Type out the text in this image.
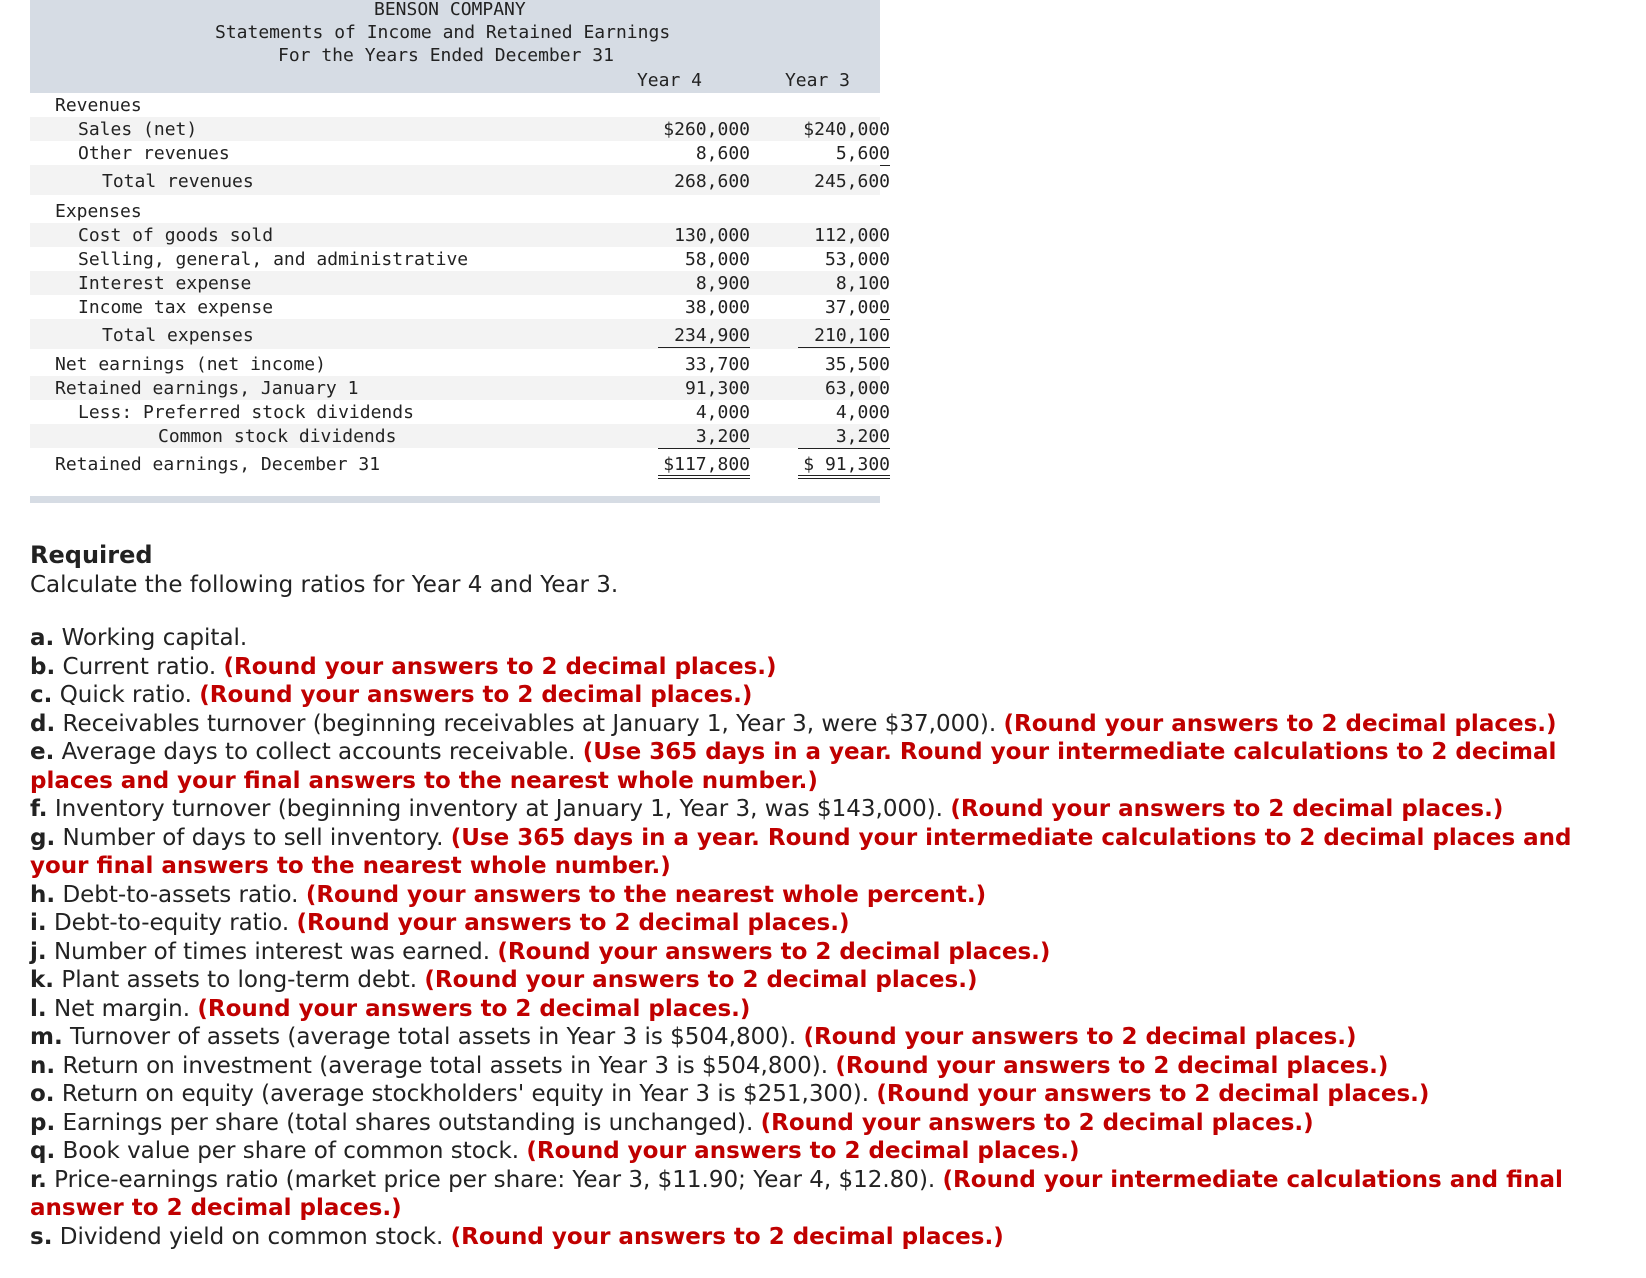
BENSON COMPANY
Statements of Income and Retained Earnings
For the Years Ended December 31
Year 4	Year 3
Revenues
Sales (net)	$260,000	$240,000
Other revenues	8,600	5,600
Total revenues	268,600	245,600
Expenses
Cost of goods sold	130,000	112,000
Selling, general, and administrative	58,000	53,000
Interest expense	8,900	8,100
Income tax expense	38,000	37,000
Total expenses	234,900	210,100
Net earnings (net income)	33,700	35,500
Retained earnings, January 1	91,300	63,000
Less: Preferred stock dividends	4,000	4,000
Common stock dividends	3,200	3,200
Retained earnings, December 31	$117,800	$ 91,300
Required

Calculate the following ratios for Year 4 and Year 3.

a. Working capital.
b. Current ratio. (Round your answers to 2 decimal places.)
c. Quick ratio. (Round your answers to 2 decimal places.)
d. Receivables turnover (beginning receivables at January 1, Year 3, were $37,000). (Round your answers to 2 decimal places.)
e. Average days to collect accounts receivable. (Use 365 days in a year. Round your intermediate calculations to 2 decimal places and your final answers to the nearest whole number.)
f. Inventory turnover (beginning inventory at January 1, Year 3, was $143,000). (Round your answers to 2 decimal places.)
g. Number of days to sell inventory. (Use 365 days in a year. Round your intermediate calculations to 2 decimal places and your final answers to the nearest whole number.)
h. Debt-to-assets ratio. (Round your answers to the nearest whole percent.)
i. Debt-to-equity ratio. (Round your answers to 2 decimal places.)
j. Number of times interest was earned. (Round your answers to 2 decimal places.)
k. Plant assets to long-term debt. (Round your answers to 2 decimal places.)
l. Net margin. (Round your answers to 2 decimal places.)
m. Turnover of assets (average total assets in Year 3 is $504,800). (Round your answers to 2 decimal places.)
n. Return on investment (average total assets in Year 3 is $504,800). (Round your answers to 2 decimal places.)
o. Return on equity (average stockholders' equity in Year 3 is $251,300). (Round your answers to 2 decimal places.)
p. Earnings per share (total shares outstanding is unchanged). (Round your answers to 2 decimal places.)
q. Book value per share of common stock. (Round your answers to 2 decimal places.)
r. Price-earnings ratio (market price per share: Year 3, $11.90; Year 4, $12.80). (Round your intermediate calculations and final answer to 2 decimal places.)
s. Dividend yield on common stock. (Round your answers to 2 decimal places.)
